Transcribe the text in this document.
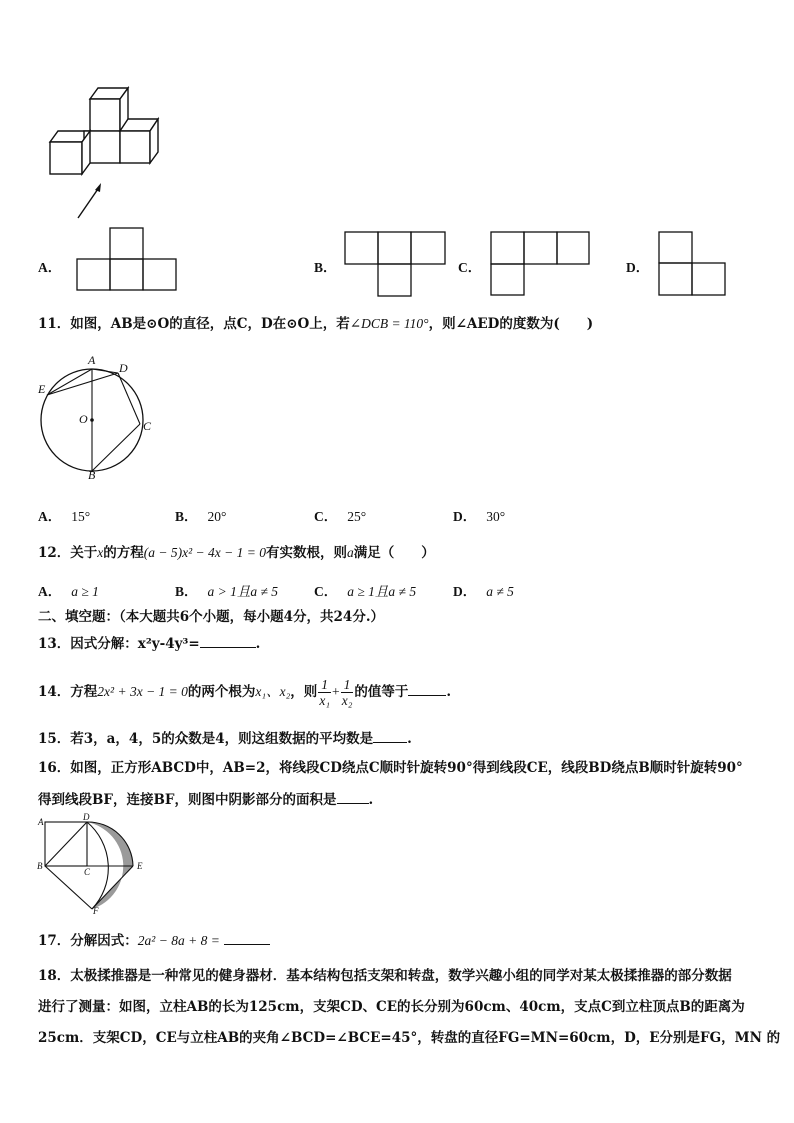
A．	B．	C．	D．
11．如图，AB是⊙O的直径，点C，D在⊙O上，若∠DCB = 110°，则∠AED的度数为(　　)
A
D
E
O	C
B
A． 15°	B． 20°	C． 25°	D． 30°
12．关于x的方程(a − 5)x² − 4x − 1 = 0有实数根，则a满足（　　）
A． a ≥ 1	B． a > 1且a ≠ 5	C． a ≥ 1且a ≠ 5	D． a ≠ 5
二、填空题：（本大题共6个小题，每小题4分，共24分.）
13．因式分解：x²y-4y³=	.
14．方程2x² + 3x − 1 = 0的两个根为x₁、x₂，则 $\frac{1}{\text{x₁}} + \frac{1}{\text{x₂}}$ 的值等于	.
15．若3，a，4，5的众数是4，则这组数据的平均数是	.
16．如图，正方形ABCD中，AB=2，将线段CD绕点C顺时针旋转90°得到线段CE，线段BD绕点B顺时针旋转90°
得到线段BF，连接BF，则图中阴影部分的面积是 .
A	D
B
C
E
F
17．分解因式：2a² − 8a + 8 =
18．太极揉推器是一种常见的健身器材．基本结构包括支架和转盘，数学兴趣小组的同学对某太极揉推器的部分数据
进行了测量：如图，立柱AB的长为125cm，支架CD、CE的长分别为60cm、40cm，支点C到立柱顶点B的距离为
25cm．支架CD，CE与立柱AB的夹角∠BCD=∠BCE=45°，转盘的直径FG=MN=60cm，D，E分别是FG，MN 的
